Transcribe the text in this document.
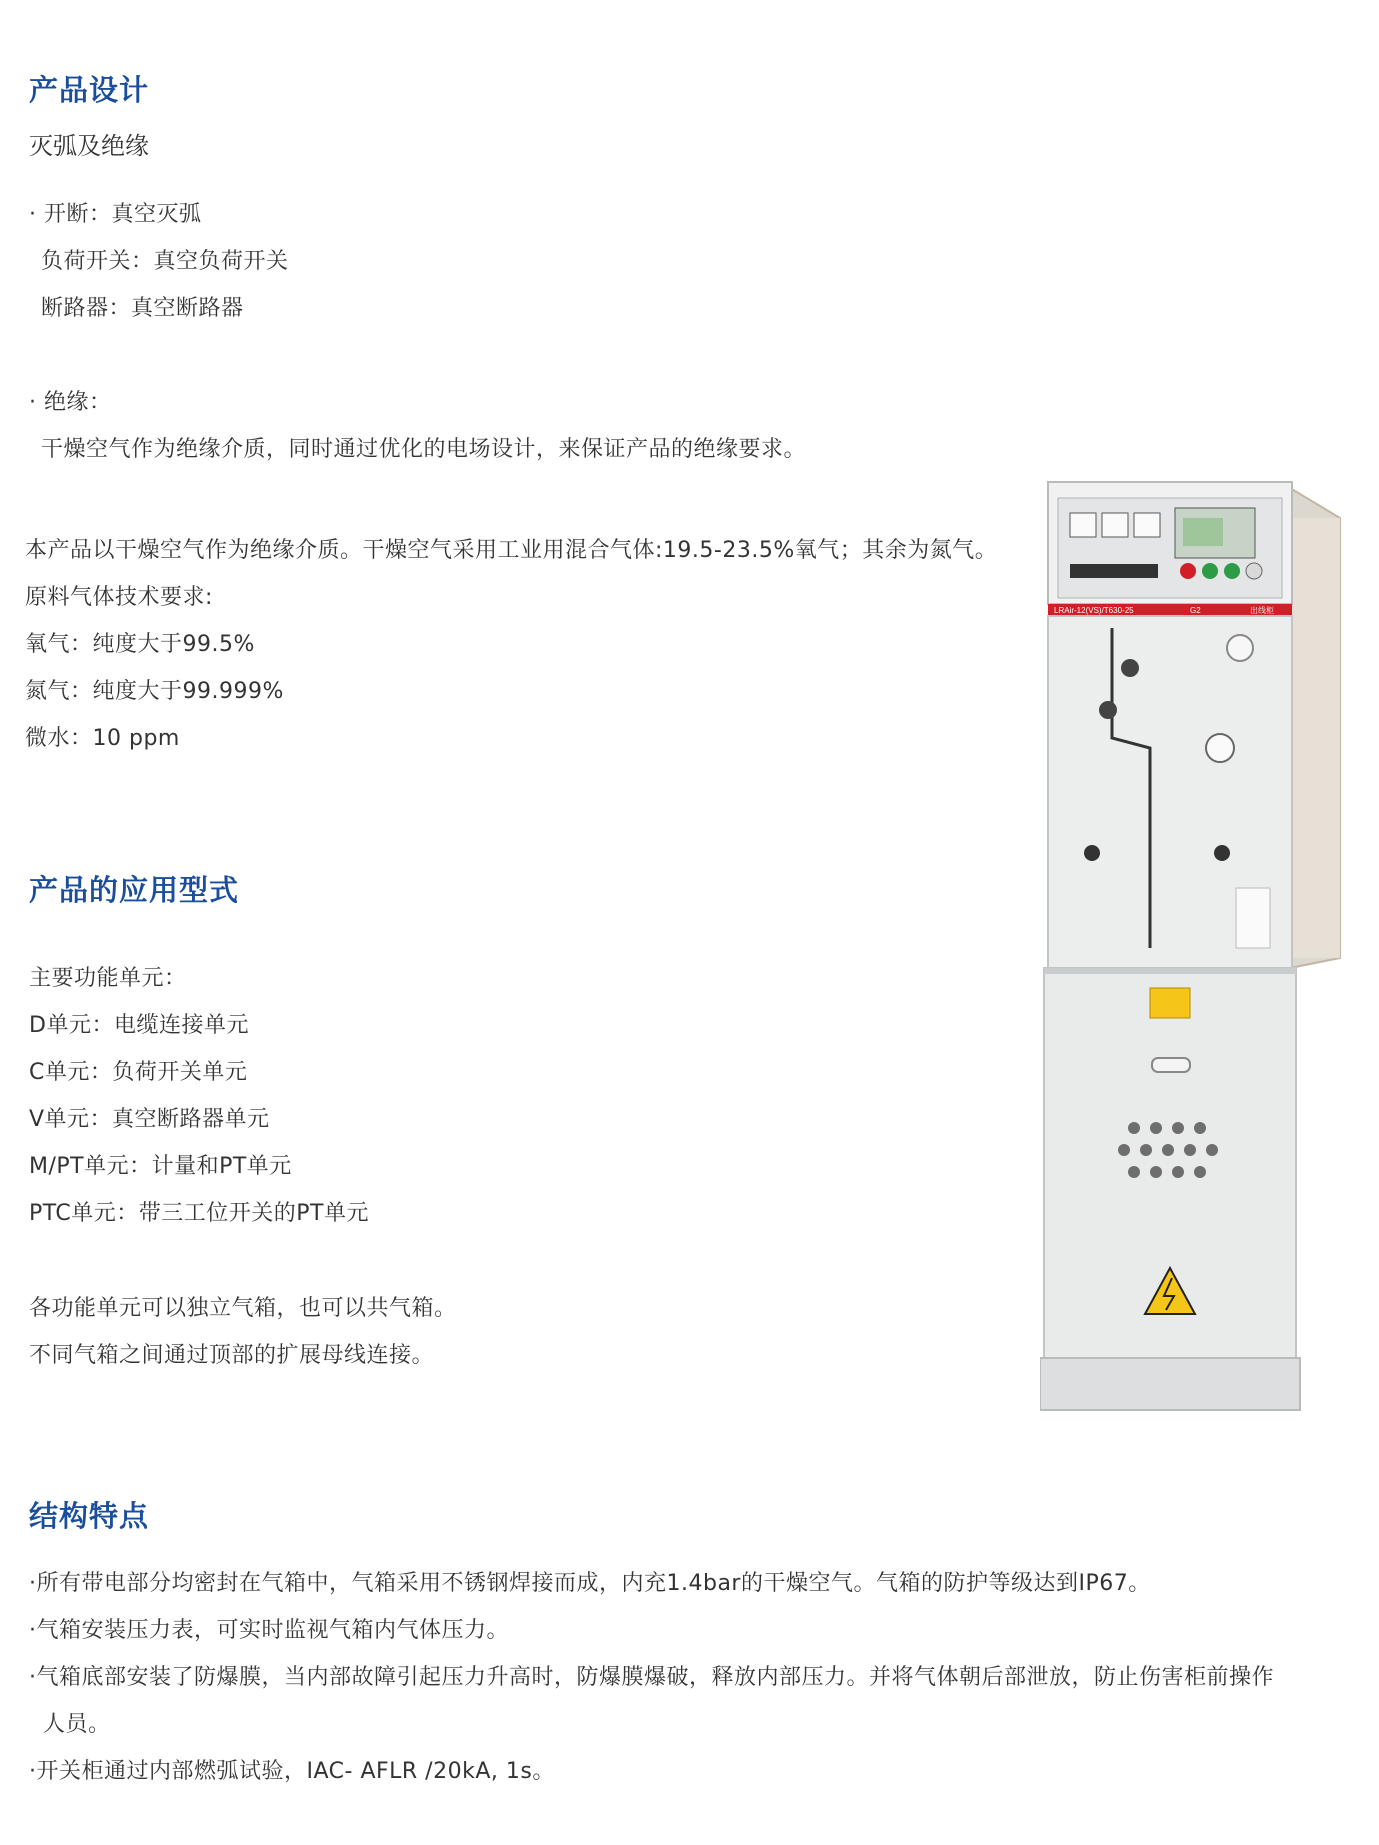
产品设计
灭弧及绝缘
· 开断：真空灭弧
负荷开关：真空负荷开关
断路器：真空断路器
· 绝缘：
干燥空气作为绝缘介质，同时通过优化的电场设计，来保证产品的绝缘要求。
本产品以干燥空气作为绝缘介质。干燥空气采用工业用混合气体:19.5-23.5%氧气；其余为氮气。
原料气体技术要求:
氧气：纯度大于99.5%
氮气：纯度大于99.999%
微水：10 ppm
产品的应用型式
主要功能单元：
D单元：电缆连接单元
C单元：负荷开关单元
V单元：真空断路器单元
M/PT单元：计量和PT单元
PTC单元：带三工位开关的PT单元
各功能单元可以独立气箱，也可以共气箱。
不同气箱之间通过顶部的扩展母线连接。
结构特点
·所有带电部分均密封在气箱中，气箱采用不锈钢焊接而成，内充1.4bar的干燥空气。气箱的防护等级达到IP67。
·气箱安装压力表，可实时监视气箱内气体压力。
·气箱底部安装了防爆膜，当内部故障引起压力升高时，防爆膜爆破，释放内部压力。并将气体朝后部泄放，防止伤害柜前操作
人员。
·开关柜通过内部燃弧试验，IAC- AFLR /20kA, 1s。
LRAir-12(VS)/T630-25	G2	出线柜
